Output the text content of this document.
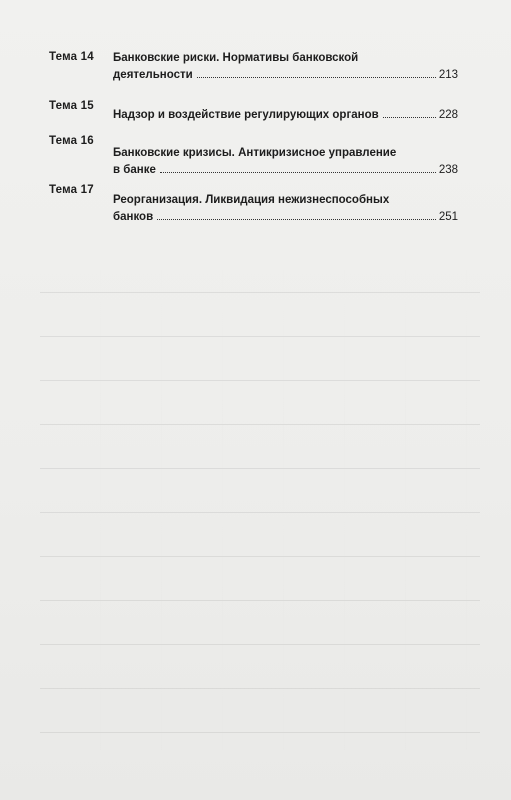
Тема 14 Банковские риски. Нормативы банковской
деятельности	213
Тема 15
Надзор и воздействие регулирующих органов	228
Тема 16
Банковские кризисы. Антикризисное управление
в банке	238
Тема 17
Реорганизация. Ликвидация нежизнеспособных
банков	251
